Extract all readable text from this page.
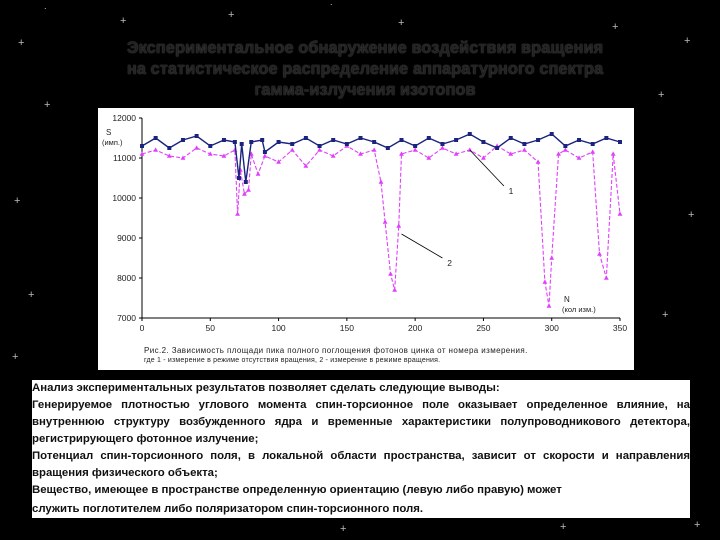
+
˙
+	+	˙
+	+
+
+
+
+
+
+
+
+
+	+	+
Экспериментальное обнаружение воздействия вращения
на статистическое распределение аппаратурного спектра
гамма-излучения изотопов
7000
8000
9000
10000
11000
12000
0	50	100	150	200	250	300	350
S
(имп.)
N
(кол изм.)
1
2
Рис.2. Зависимость площади пика полного поглощения фотонов цинка от номера измерения.
где 1 - измерение в режиме отсутствия вращения, 2 - измерение в режиме вращения.

Анализ экспериментальных результатов позволяет сделать следующие выводы:

Генерируемое плотностью углового момента спин-торсионное поле оказывает определенное влияние, на внутреннюю структуру возбужденного ядра и временные характеристики полупроводникового детектора, регистрирующего фотонное излучение;

Потенциал спин-торсионного поля, в локальной области пространства, зависит от скорости и направления вращения физического объекта;

Вещество, имеющее в пространстве определенную ориентацию (левую либо правую) может

служить поглотителем либо поляризатором спин-торсионного поля.
